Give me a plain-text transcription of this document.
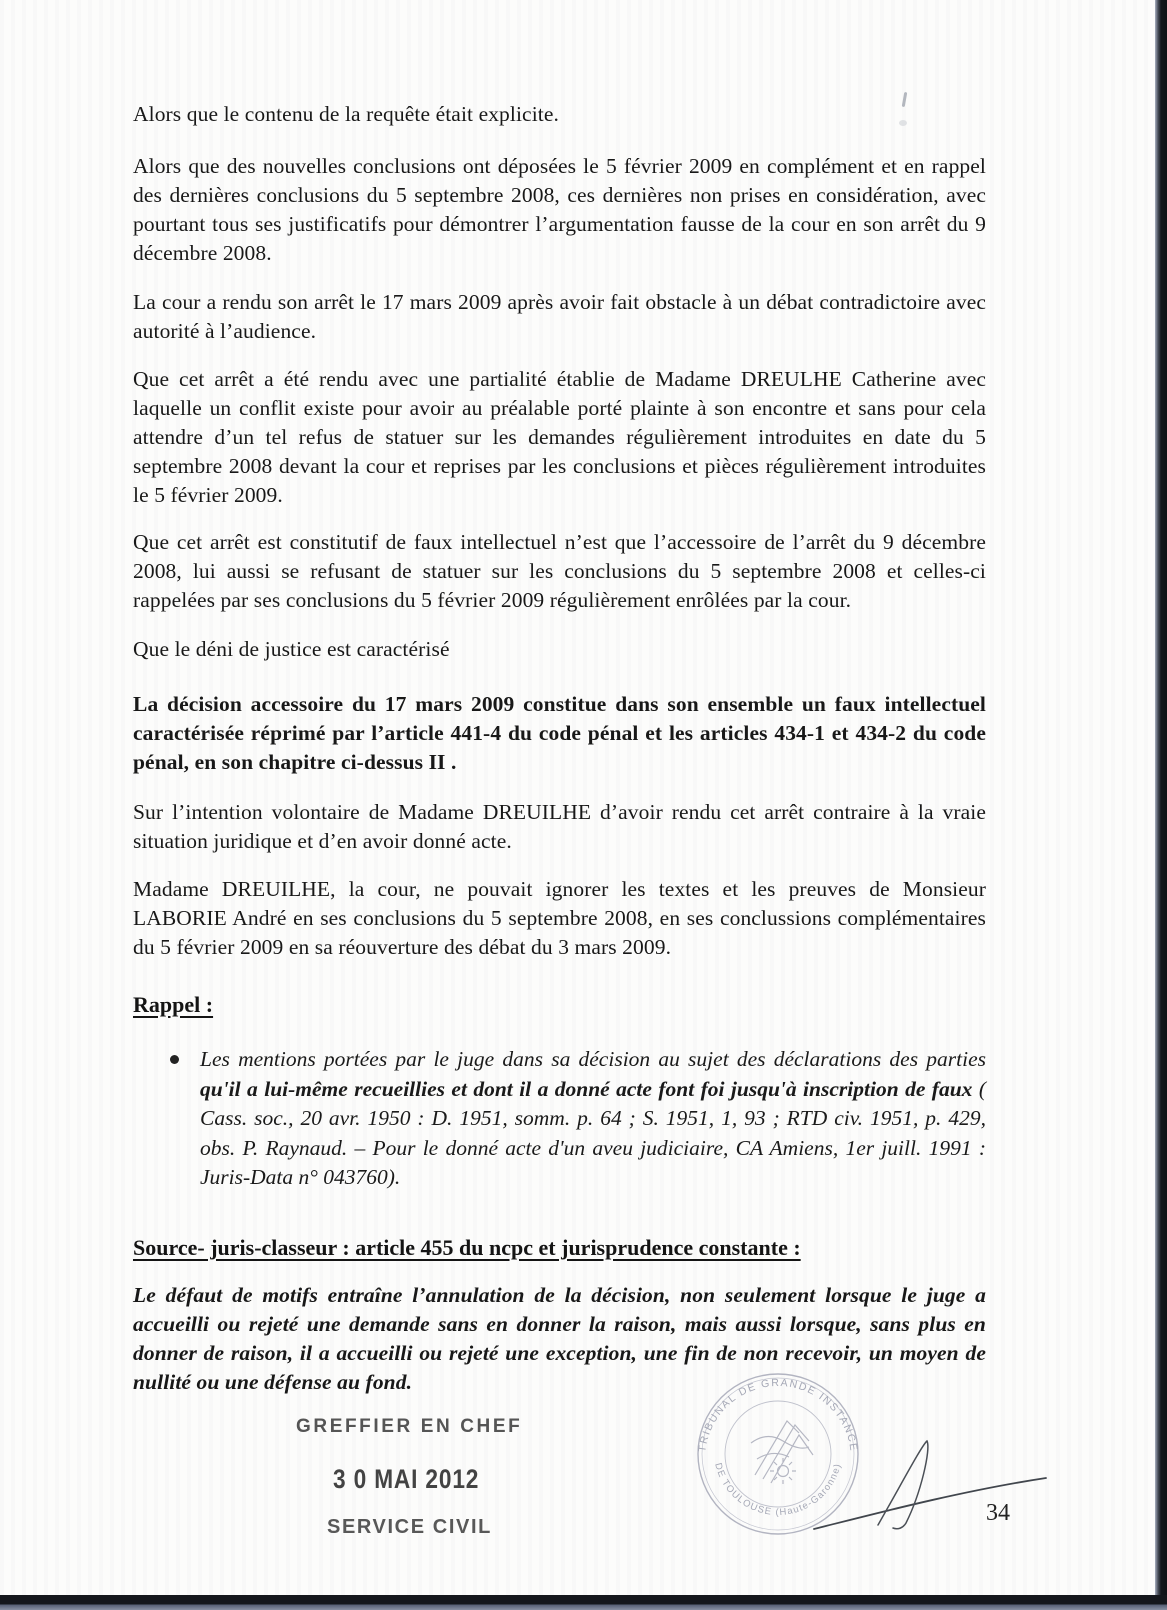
Alors que le contenu de la requête était explicite.

Alors que des nouvelles conclusions ont déposées le 5 février 2009 en complément et en rappel des dernières conclusions du 5 septembre 2008, ces dernières non prises en considération, avec pourtant tous ses justificatifs pour démontrer l’argumentation fausse de la cour en son arrêt du 9 décembre 2008.

La cour a rendu son arrêt le 17 mars 2009 après avoir fait obstacle à un débat contradictoire avec autorité à l’audience.

Que cet arrêt a été rendu avec une partialité établie de Madame DREULHE Catherine avec laquelle un conflit existe pour avoir au préalable porté plainte à son encontre et sans pour cela attendre d’un tel refus de statuer sur les demandes régulièrement introduites en date du 5 septembre 2008 devant la cour et reprises par les conclusions et pièces régulièrement introduites le 5 février 2009.

Que cet arrêt est constitutif de faux intellectuel n’est que l’accessoire de l’arrêt du 9 décembre 2008, lui aussi se refusant de statuer sur les conclusions du 5 septembre 2008 et celles-ci rappelées par ses conclusions du 5 février 2009 régulièrement enrôlées par la cour.

Que le déni de justice est caractérisé

La décision accessoire du 17 mars 2009 constitue dans son ensemble un faux intellectuel caractérisée réprimé par l’article 441-4 du code pénal et les articles 434-1 et 434-2 du code pénal, en son chapitre ci-dessus II .

Sur l’intention volontaire de Madame DREUILHE d’avoir rendu cet arrêt contraire à la vraie situation juridique et d’en avoir donné acte.

Madame DREUILHE, la cour, ne pouvait ignorer les textes et les preuves de Monsieur LABORIE André en ses conclusions du 5 septembre 2008, en ses conclussions complémentaires du 5 février 2009 en sa réouverture des débat du 3 mars 2009.

Rappel :
Les mentions portées par le juge dans sa décision au sujet des déclarations des parties qu'il a lui-même recueillies et dont il a donné acte font foi jusqu'à inscription de faux ( Cass. soc., 20 avr. 1950 : D. 1951, somm. p. 64 ; S. 1951, 1, 93 ; RTD civ. 1951, p. 429, obs. P. Raynaud. – Pour le donné acte d'un aveu judiciaire, CA Amiens, 1er juill. 1991 : Juris-Data n° 043760).
Source- juris-classeur : article 455 du ncpc et jurisprudence constante :

Le défaut de motifs entraîne l’annulation de la décision, non seulement lorsque le juge a accueilli ou rejeté une demande sans en donner la raison, mais aussi lorsque, sans plus en donner de raison, il a accueilli ou rejeté une exception, une fin de non recevoir, un moyen de nullité ou une défense au fond.

GREFFIER EN CHEF
3 0 MAI 2012
SERVICE CIVIL
TRIBUNAL DE GRANDE INSTANCE
DE TOULOUSE (Haute-Garonne)
34
